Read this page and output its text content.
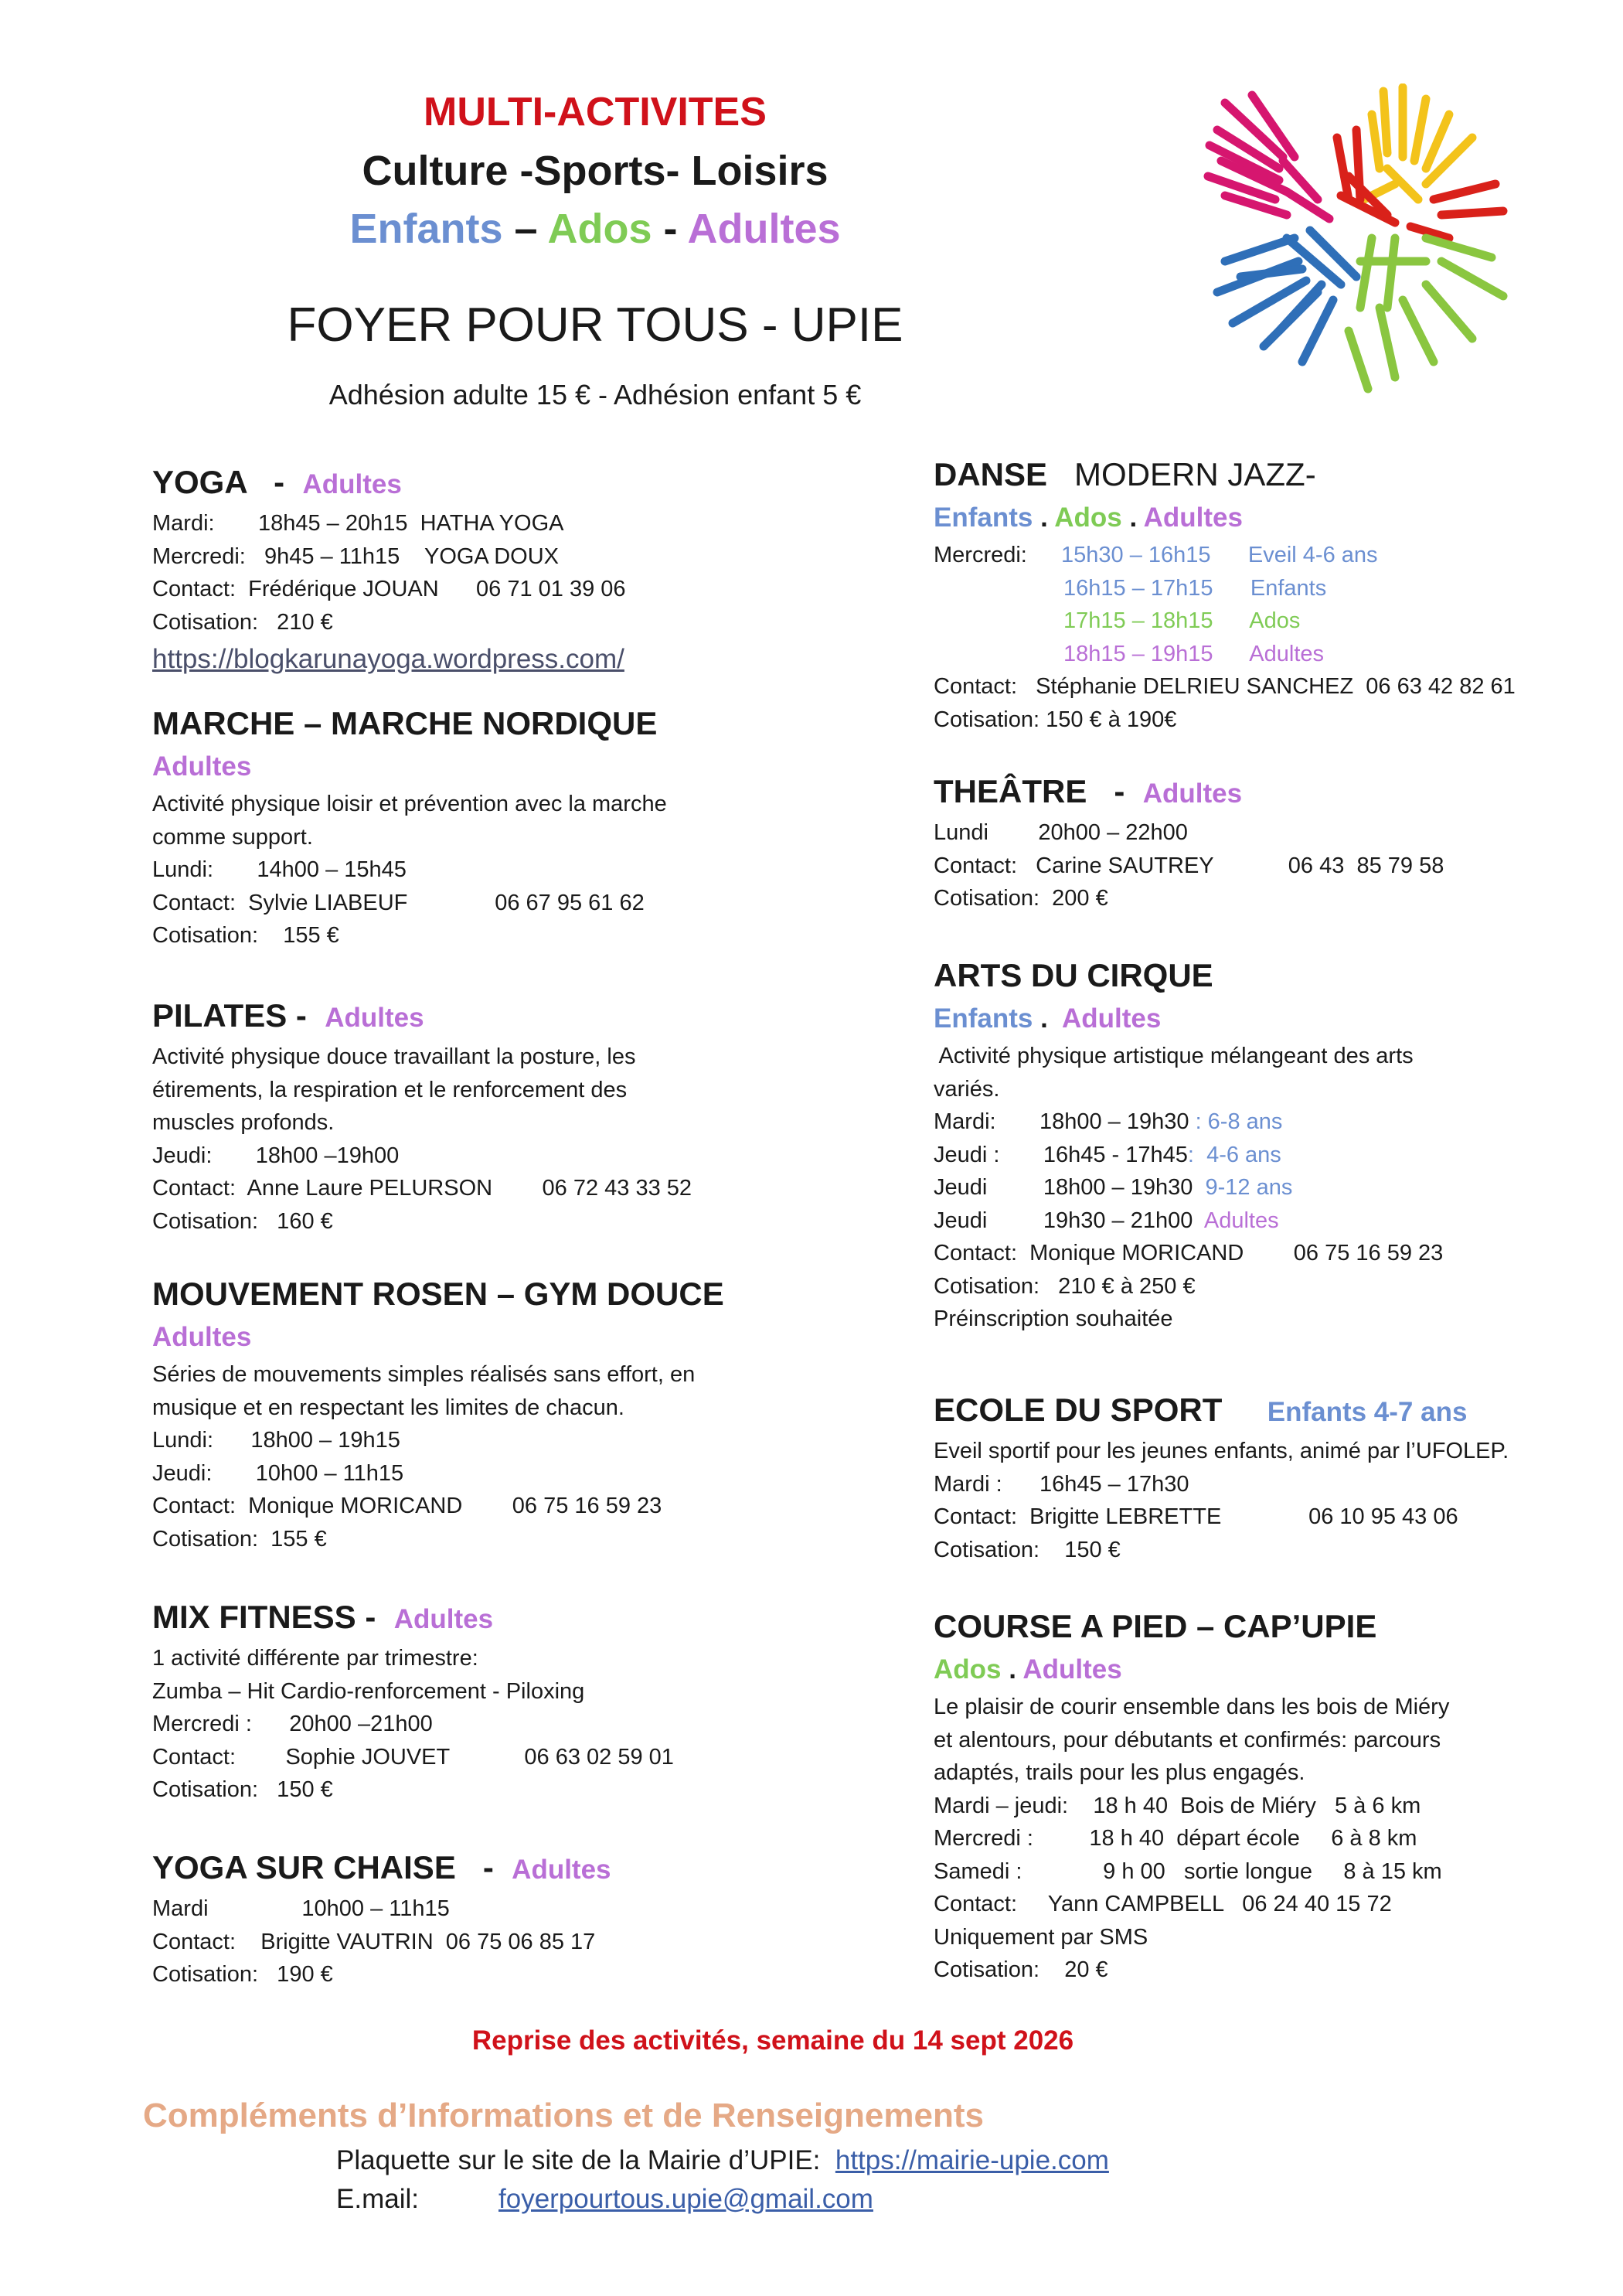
MULTI-ACTIVITES
Culture -Sports- Loisirs
Enfants – Ados - Adultes
FOYER POUR TOUS - UPIE
Adhésion adulte 15 € - Adhésion enfant 5 €
YOGA   -  Adultes
Mardi:       18h45 – 20h15  HATHA YOGA
Mercredi:   9h45 – 11h15    YOGA DOUX
Contact:  Frédérique JOUAN      06 71 01 39 06
Cotisation:   210 €
https://blogkarunayoga.wordpress.com/
MARCHE – MARCHE NORDIQUE
Adultes
Activité physique loisir et prévention avec la marche
comme support.
Lundi:       14h00 – 15h45
Contact:  Sylvie LIABEUF              06 67 95 61 62
Cotisation:    155 €
PILATES -  Adultes
Activité physique douce travaillant la posture, les
étirements, la respiration et le renforcement des
muscles profonds.
Jeudi:       18h00 –19h00
Contact:  Anne Laure PELURSON        06 72 43 33 52
Cotisation:   160 €
MOUVEMENT ROSEN – GYM DOUCE
Adultes
Séries de mouvements simples réalisés sans effort, en
musique et en respectant les limites de chacun.
Lundi:      18h00 – 19h15
Jeudi:       10h00 – 11h15
Contact:  Monique MORICAND        06 75 16 59 23
Cotisation:  155 €
MIX FITNESS -  Adultes
1 activité différente par trimestre:
Zumba – Hit Cardio-renforcement - Piloxing
Mercredi :      20h00 –21h00
Contact:        Sophie JOUVET            06 63 02 59 01
Cotisation:   150 €
YOGA SUR CHAISE   -  Adultes
Mardi               10h00 – 11h15
Contact:    Brigitte VAUTRIN  06 75 06 85 17
Cotisation:   190 €
DANSE   MODERN JAZZ-
Enfants . Ados . Adultes
Mercredi:   15h30 – 16h15 Eveil 4-6 ans
16h15 – 17h15 Enfants
17h15 – 18h15 Ados
18h15 – 19h15 Adultes
Contact:   Stéphanie DELRIEU SANCHEZ  06 63 42 82 61
Cotisation: 150 € à 190€
THEÂTRE   -  Adultes
Lundi        20h00 – 22h00
Contact:   Carine SAUTREY            06 43  85 79 58
Cotisation:  200 €
ARTS DU CIRQUE
Enfants .  Adultes
Activité physique artistique mélangeant des arts
variés.
Mardi:       18h00 – 19h30 : 6-8 ans
Jeudi :       16h45 - 17h45:  4-6 ans
Jeudi         18h00 – 19h30  9-12 ans
Jeudi         19h30 – 21h00  Adultes
Contact:  Monique MORICAND        06 75 16 59 23
Cotisation:   210 € à 250 €
Préinscription souhaitée
ECOLE DU SPORT Enfants 4-7 ans
Eveil sportif pour les jeunes enfants, animé par l’UFOLEP.
Mardi :      16h45 – 17h30
Contact:  Brigitte LEBRETTE              06 10 95 43 06
Cotisation:    150 €
COURSE A PIED – CAP’UPIE
Ados . Adultes
Le plaisir de courir ensemble dans les bois de Miéry
et alentours, pour débutants et confirmés: parcours
adaptés, trails pour les plus engagés.
Mardi – jeudi:    18 h 40  Bois de Miéry   5 à 6 km
Mercredi :         18 h 40  départ école     6 à 8 km
Samedi :             9 h 00   sortie longue     8 à 15 km
Contact:     Yann CAMPBELL   06 24 40 15 72
Uniquement par SMS
Cotisation:    20 €
Reprise des activités, semaine du 14 sept 2026
Compléments d’Informations et de Renseignements
Plaquette sur le site de la Mairie d’UPIE:  https://mairie-upie.com
E.mail:	foyerpourtous.upie@gmail.com
